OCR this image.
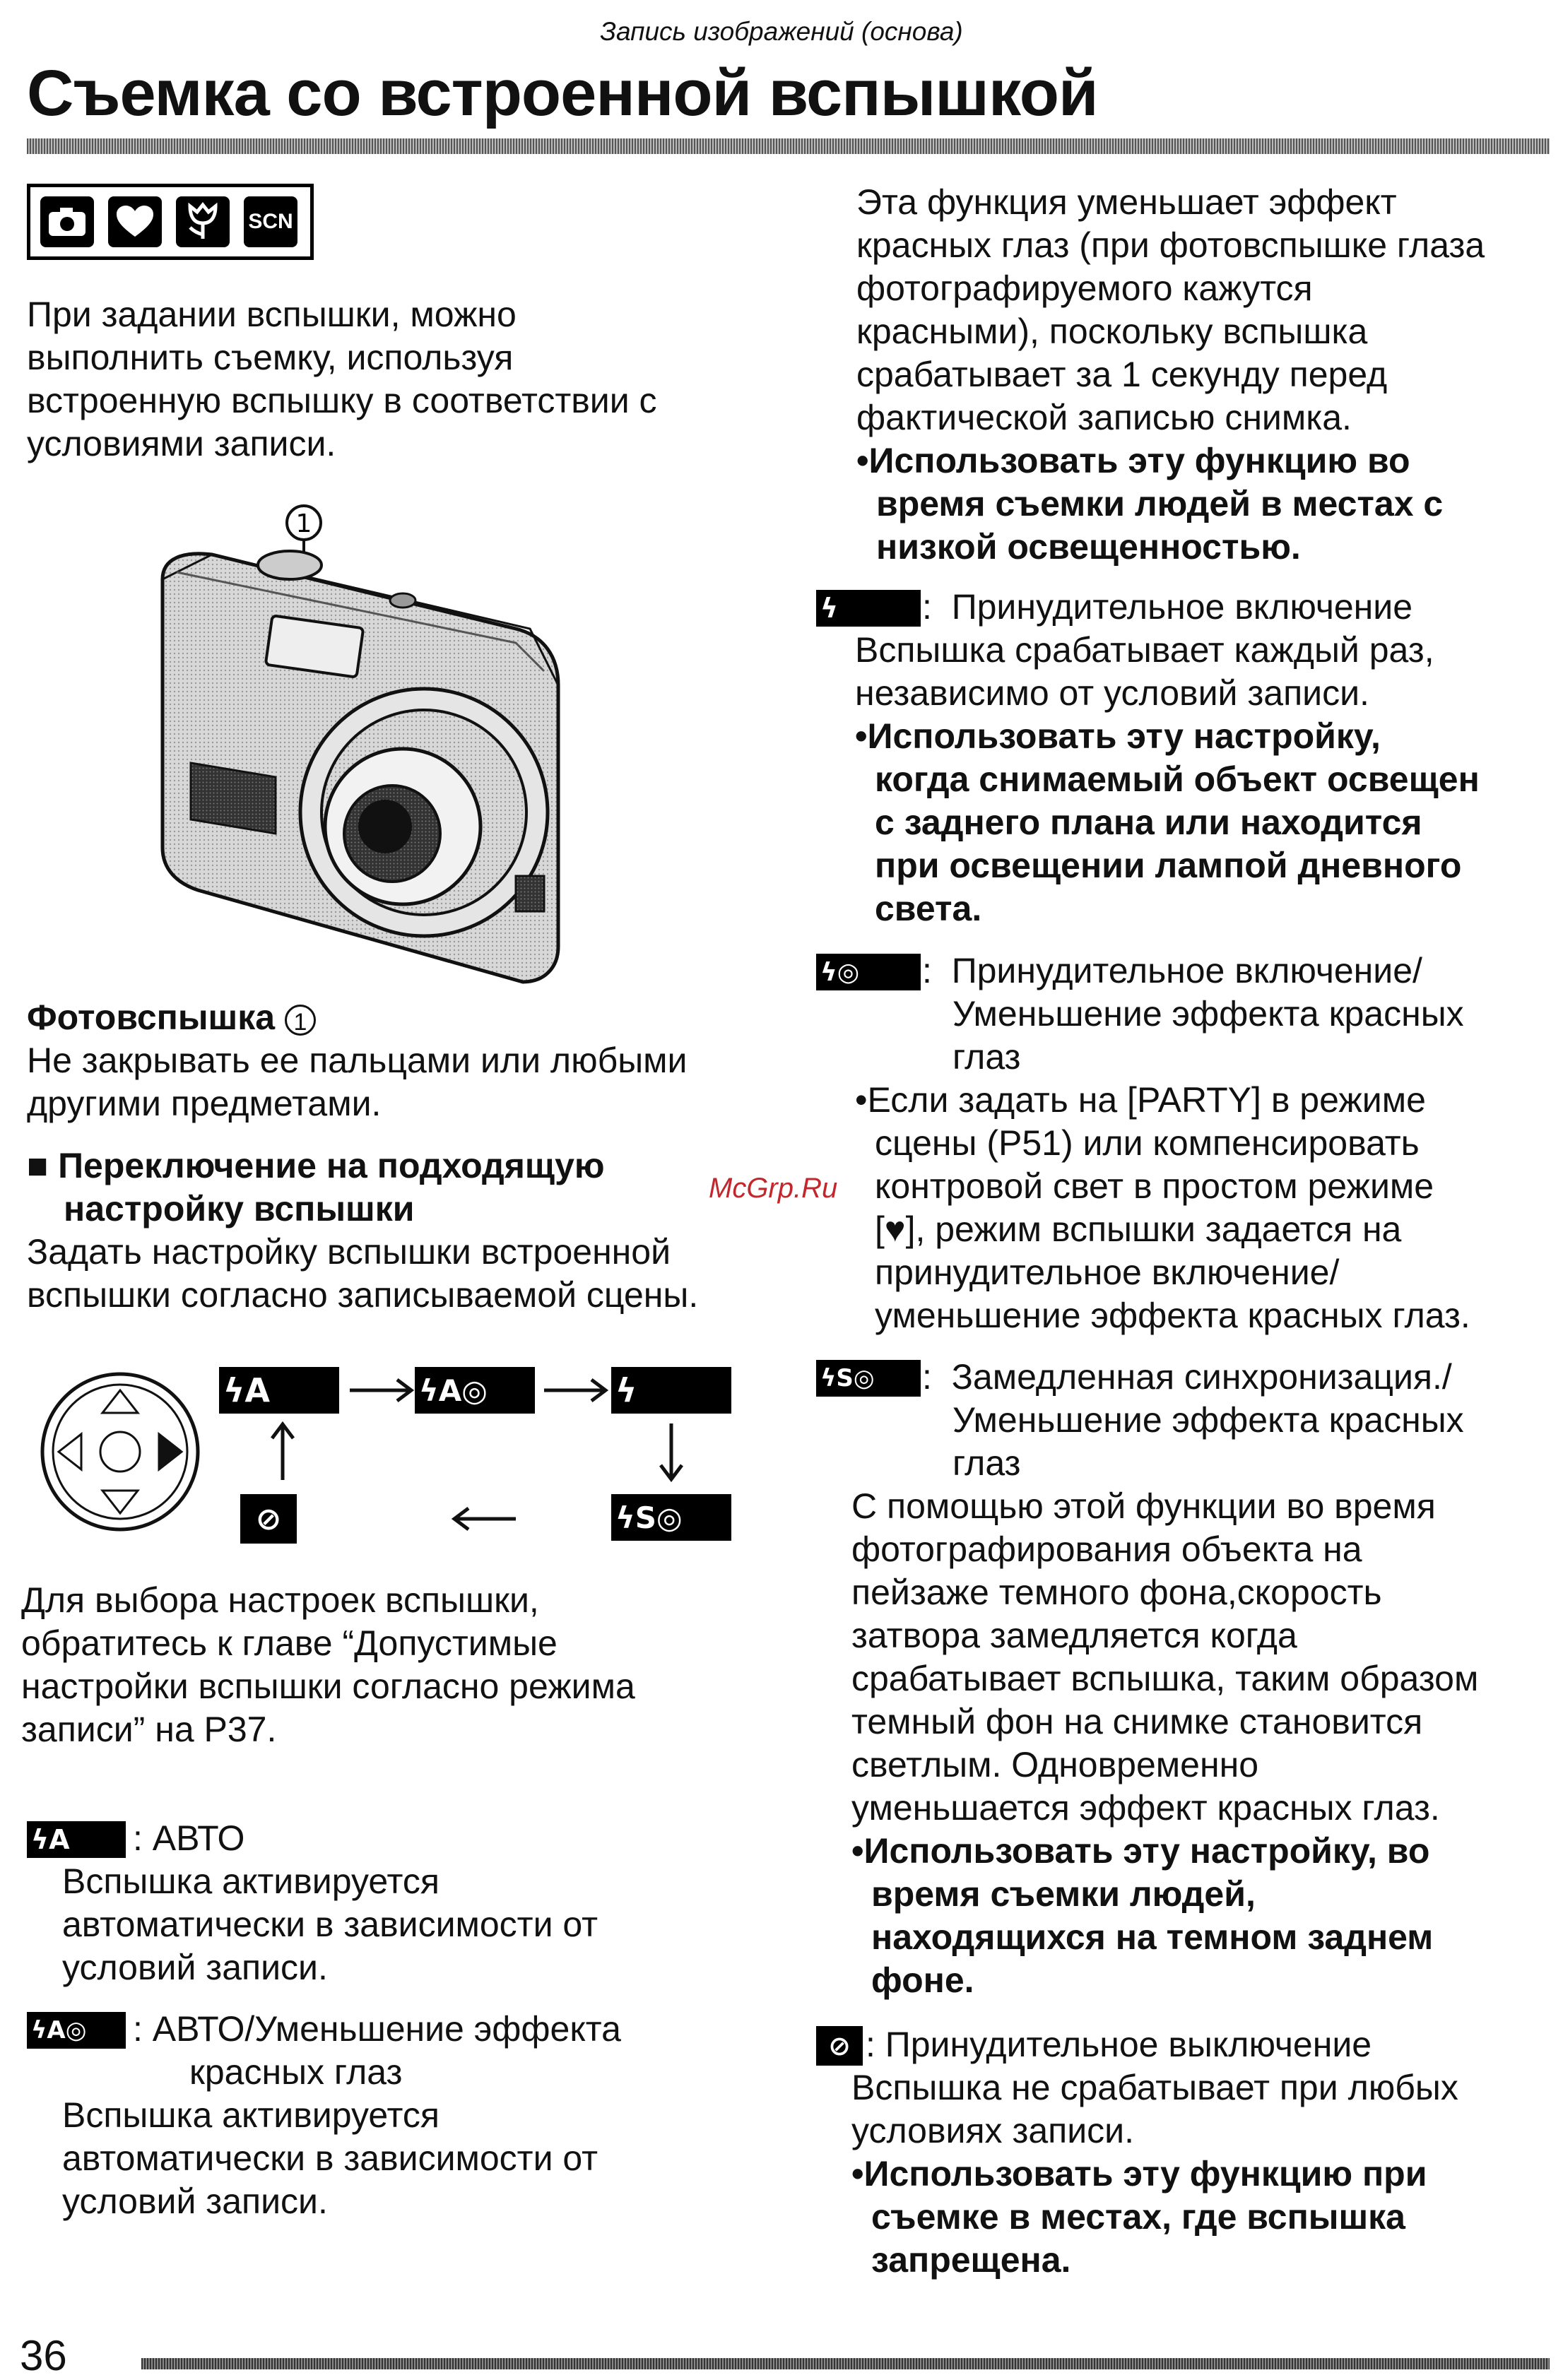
Запись изображений (основа)
Съемка со встроенной вспышкой
SCN
При задании вспышки, можно
выполнить съемку, используя
встроенную вспышку в соответствии с
условиями записи.
1
Фотовспышка 1
Не закрывать ее пальцами или любыми
другими предметами.
■ Переключение на подходящую
настройку вспышки
Задать настройку вспышки встроенной
вспышки согласно записываемой сцены.
ϟA	ϟA◎	ϟ
⊘	ϟS◎
Для выбора настроек вспышки,
обратитесь к главе “Допустимые
настройки вспышки согласно режима
записи” на P37.
ϟA	: АВТО
Вспышка активируется
автоматически в зависимости от
условий записи.
ϟA◎	: АВТО/Уменьшение эффекта
красных глаз
Вспышка активируется
автоматически в зависимости от
условий записи.
McGrp.Ru
Эта функция уменьшает эффект
красных глаз (при фотовспышке глаза
фотографируемого кажутся
красными), поскольку вспышка
срабатывает за 1 секунду перед
фактической записью снимка.
•Использовать эту функцию во
время съемки людей в местах с
низкой освещенностью.
ϟ	:  Принудительное включение
Вспышка срабатывает каждый раз,
независимо от условий записи.
•Использовать эту настройку,
когда снимаемый объект освещен
с заднего плана или находится
при освещении лампой дневного
света.
ϟ◎	:  Принудительное включение/
Уменьшение эффекта красных
глаз
•Если задать на [PARTY] в режиме
сцены (P51) или компенсировать
контровой свет в простом режиме
[♥], режим вспышки задается на
принудительное включение/
уменьшение эффекта красных глаз.
ϟS◎	:  Замедленная синхронизация./
Уменьшение эффекта красных
глаз
С помощью этой функции во время
фотографирования объекта на
пейзаже темного фона,скорость
затвора замедляется когда
срабатывает вспышка, таким образом
темный фон на снимке становится
светлым. Одновременно
уменьшается эффект красных глаз.
•Использовать эту настройку, во
время съемки людей,
находящихся на темном заднем
фоне.
⊘ : Принудительное выключение
Вспышка не срабатывает при любых
условиях записи.
•Использовать эту функцию при
съемке в местах, где вспышка
запрещена.
36
